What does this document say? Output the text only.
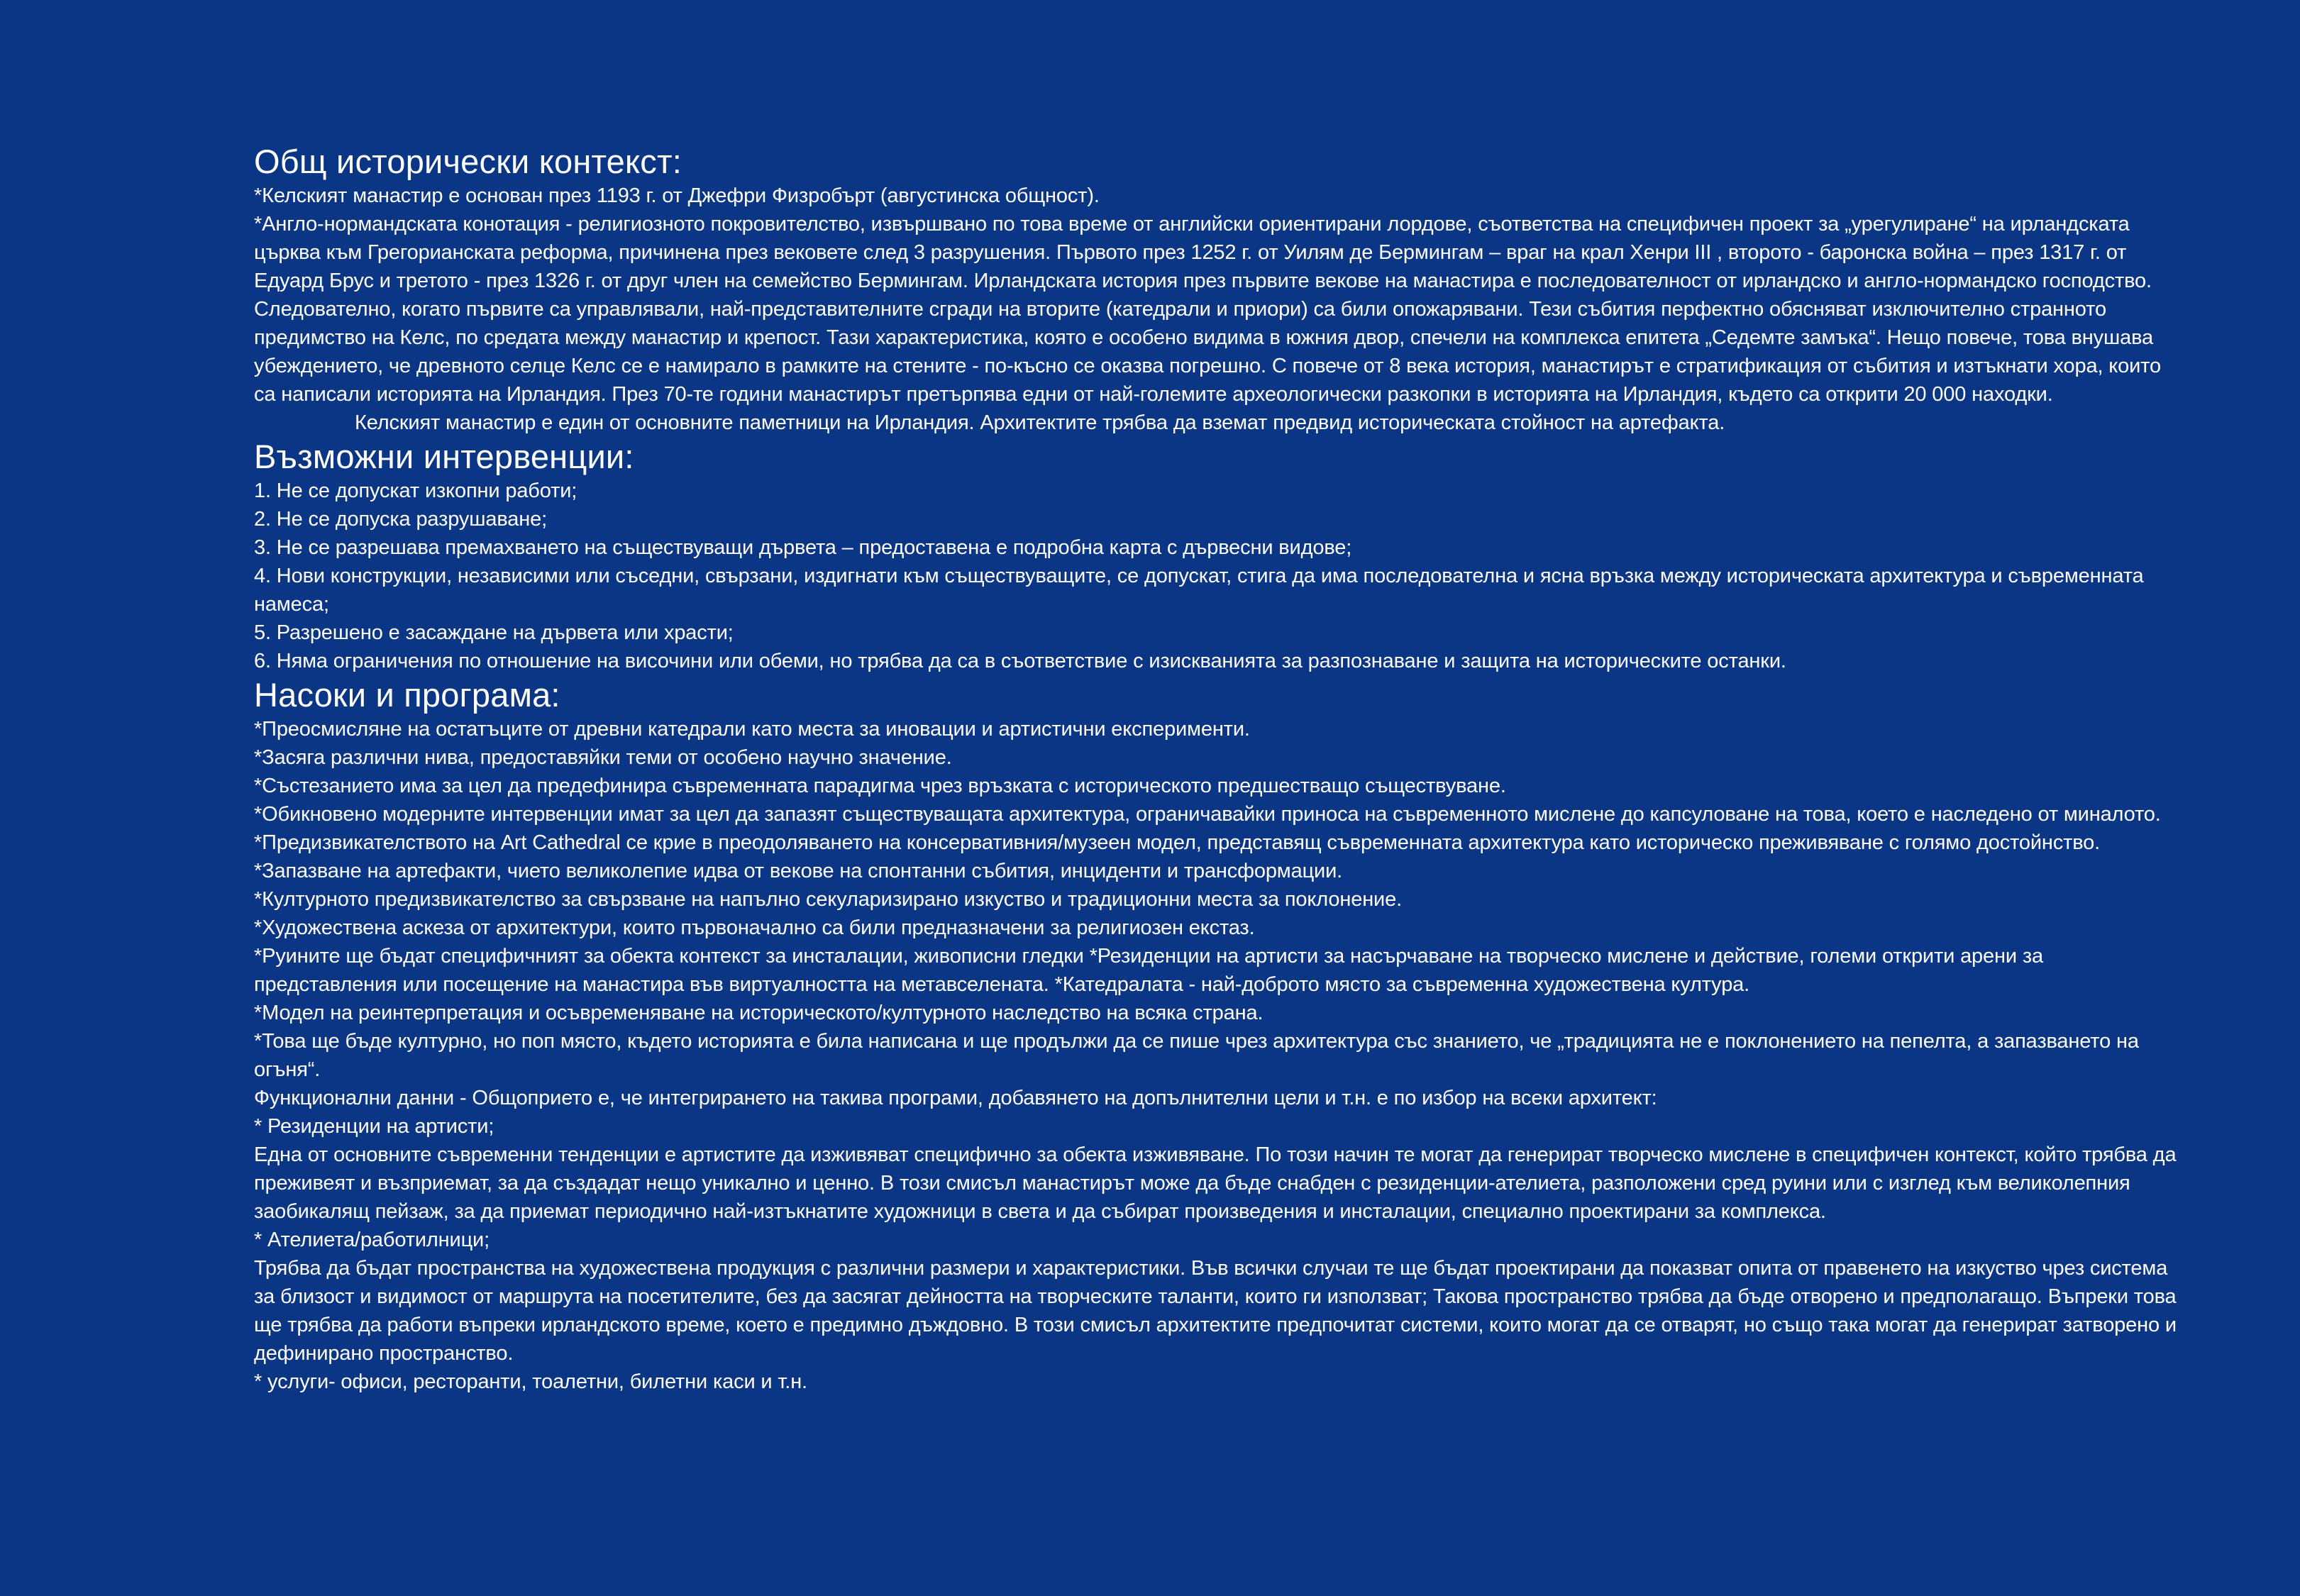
Общ исторически контекст:

*Келският манастир е основан през 1193 г. от Джефри Физробърт (августинска общност).

*Англо-нормандската конотация - религиозното покровителство, извършвано по това време от английски ориентирани лордове, съответства на специфичен проект за „урегулиране“ на ирландската църква към Грегорианската реформа, причинена през вековете след 3 разрушения. Първото през 1252 г. от Уилям де Бермингам – враг на крал Хенри III , второто - баронска война – през 1317 г. от Едуард Брус и третото - през 1326 г. от друг член на семейство Бермингам. Ирландската история през първите векове на манастира е последователност от ирландско и англо-нормандско господство. Следователно, когато първите са управлявали, най-представителните сгради на вторите (катедрали и приори) са били опожарявани. Тези събития перфектно обясняват изключително странното предимство на Келс, по средата между манастир и крепост. Тази характеристика, която е особено видима в южния двор, спечели на комплекса епитета „Седемте замъка“. Нещо повече, това внушава убеждението, че древното селце Келс се е намирало в рамките на стените - по-късно се оказва погрешно. С повече от 8 века история, манастирът е стратификация от събития и изтъкнати хора, които са написали историята на Ирландия. През 70-те години манастирът претърпява едни от най-големите археологически разкопки в историята на Ирландия, където са открити 20 000 находки.

Келският манастир е един от основните паметници на Ирландия. Архитектите трябва да вземат предвид историческата стойност на артефакта.

Възможни интервенции:

1. Не се допускат изкопни работи;

2. Не се допуска разрушаване;

3. Не се разрешава премахването на съществуващи дървета – предоставена е подробна карта с дървесни видове;

4. Нови конструкции, независими или съседни, свързани, издигнати към съществуващите, се допускат, стига да има последователна и ясна връзка между историческата архитектура и съвременната намеса;

5. Разрешено е засаждане на дървета или храсти;

6. Няма ограничения по отношение на височини или обеми, но трябва да са в съответствие с изискванията за разпознаване и защита на историческите останки.

Насоки и програма:

*Преосмисляне на остатъците от древни катедрали като места за иновации и артистични експерименти.

*Засяга различни нива, предоставяйки теми от особено научно значение.

*Състезанието има за цел да предефинира съвременната парадигма чрез връзката с историческото предшестващо съществуване.

*Обикновено модерните интервенции имат за цел да запазят съществуващата архитектура, ограничавайки приноса на съвременното мислене до капсуловане на това, което е наследено от миналото.

*Предизвикателството на Art Cathedral се крие в преодоляването на консервативния/музеен модел, представящ съвременната архитектура като историческо преживяване с голямо достойнство.

*Запазване на артефакти, чието великолепие идва от векове на спонтанни събития, инциденти и трансформации.

*Културното предизвикателство за свързване на напълно секуларизирано изкуство и традиционни места за поклонение.

*Художествена аскеза от архитектури, които първоначално са били предназначени за религиозен екстаз.

*Руините ще бъдат специфичният за обекта контекст за инсталации, живописни гледки *Резиденции на артисти за насърчаване на творческо мислене и действие, големи открити арени за представления или посещение на манастира във виртуалността на метавселената. *Катедралата - най-доброто място за съвременна художествена култура.

*Модел на реинтерпретация и осъвременяване на историческото/културното наследство на всяка страна.

*Това ще бъде културно, но поп място, където историята е била написана и ще продължи да се пише чрез архитектура със знанието, че „традицията не е поклонението на пепелта, а запазването на огъня“.

Функционални данни - Общоприето е, че интегрирането на такива програми, добавянето на допълнителни цели и т.н. е по избор на всеки архитект:

* Резиденции на артисти;

Една от основните съвременни тенденции е артистите да изживяват специфично за обекта изживяване. По този начин те могат да генерират творческо мислене в специфичен контекст, който трябва да преживеят и възприемат, за да създадат нещо уникално и ценно. В този смисъл манастирът може да бъде снабден с резиденции-ателиета, разположени сред руини или с изглед към великолепния заобикалящ пейзаж, за да приемат периодично най-изтъкнатите художници в света и да събират произведения и инсталации, специално проектирани за комплекса.

* Ателиета/работилници;

Трябва да бъдат пространства на художествена продукция с различни размери и характеристики. Във всички случаи те ще бъдат проектирани да показват опита от правенето на изкуство чрез система за близост и видимост от маршрута на посетителите, без да засягат дейността на творческите таланти, които ги използват; Такова пространство трябва да бъде отворено и предполагащо. Въпреки това ще трябва да работи въпреки ирландското време, което е предимно дъждовно. В този смисъл архитектите предпочитат системи, които могат да се отварят, но също така могат да генерират затворено и дефинирано пространство.

* услуги- офиси, ресторанти, тоалетни, билетни каси и т.н.
